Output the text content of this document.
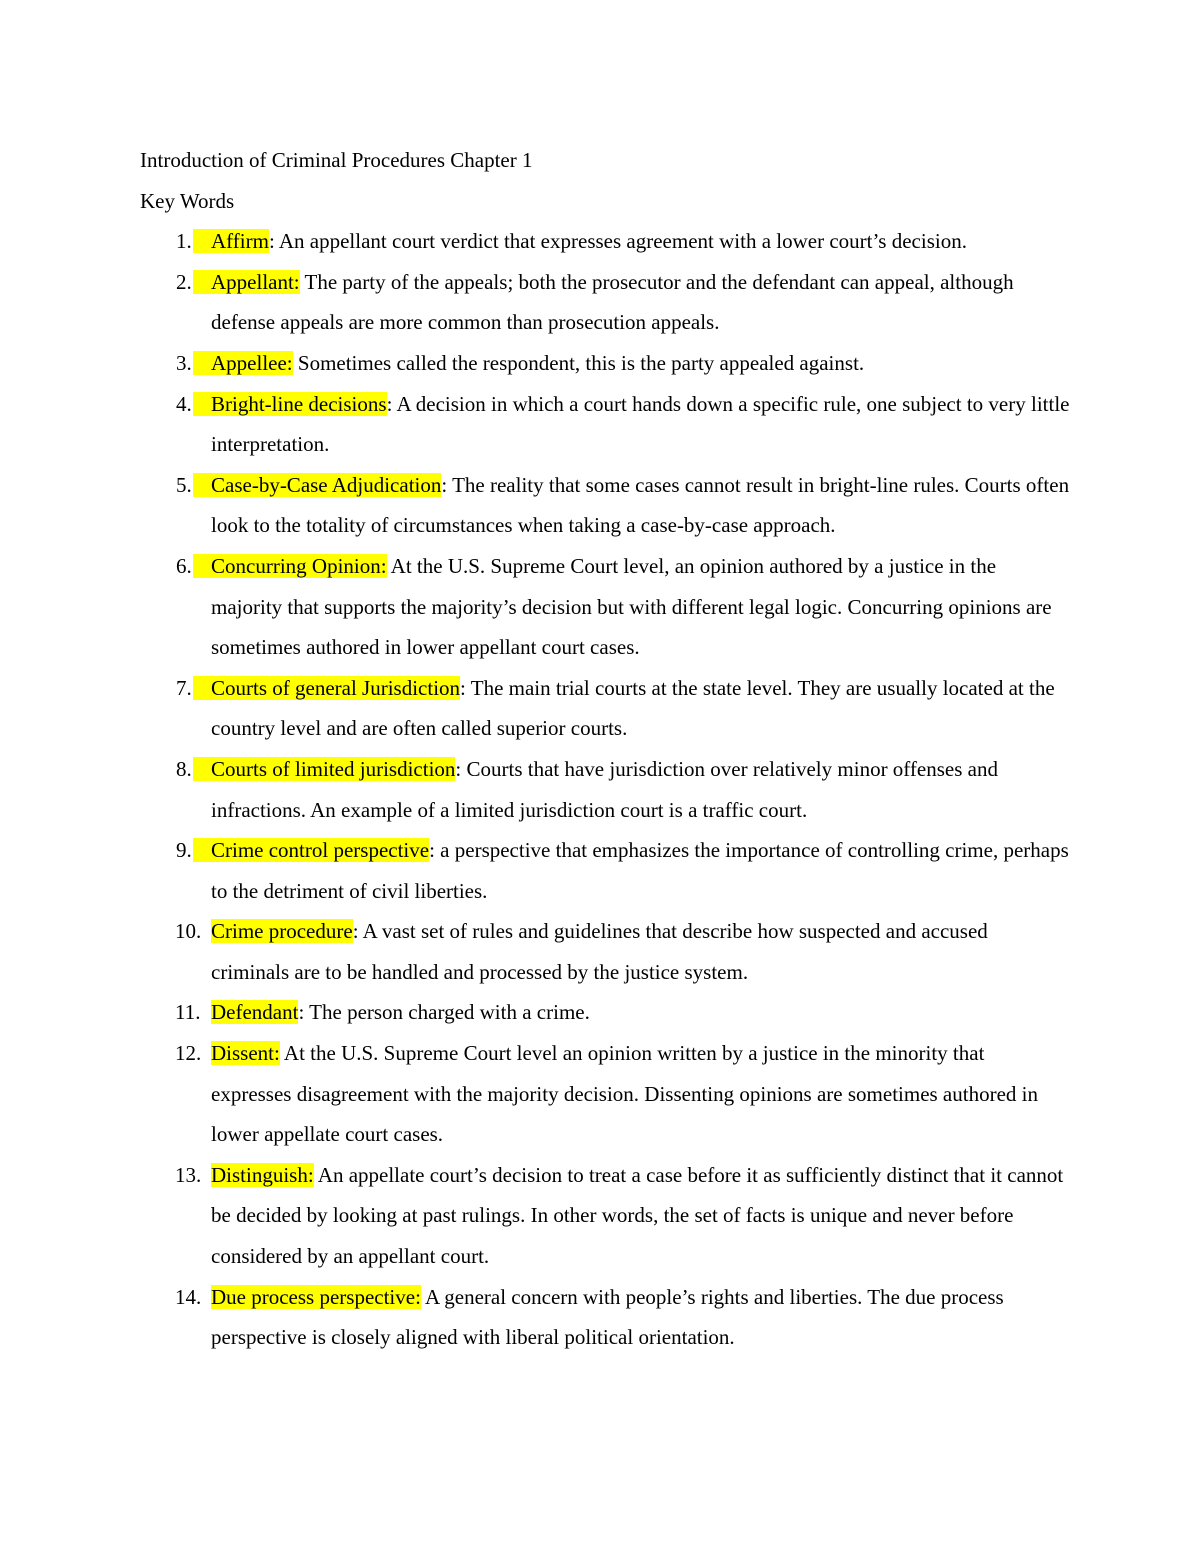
Introduction of Criminal Procedures Chapter 1

Key Words

1. Affirm: An appellant court verdict that expresses agreement with a lower court’s decision.
2. Appellant: The party of the appeals; both the prosecutor and the defendant can appeal, although defense appeals are more common than prosecution appeals.
3. Appellee: Sometimes called the respondent, this is the party appealed against.
4. Bright-line decisions: A decision in which a court hands down a specific rule, one subject to very little interpretation.
5. Case-by-Case Adjudication: The reality that some cases cannot result in bright-line rules. Courts often look to the totality of circumstances when taking a case-by-case approach.
6. Concurring Opinion: At the U.S. Supreme Court level, an opinion authored by a justice in the majority that supports the majority’s decision but with different legal logic. Concurring opinions are sometimes authored in lower appellant court cases.
7. Courts of general Jurisdiction: The main trial courts at the state level. They are usually located at the country level and are often called superior courts.
8. Courts of limited jurisdiction: Courts that have jurisdiction over relatively minor offenses and infractions. An example of a limited jurisdiction court is a traffic court.
9. Crime control perspective: a perspective that emphasizes the importance of controlling crime, perhaps to the detriment of civil liberties.
10. Crime procedure: A vast set of rules and guidelines that describe how suspected and accused criminals are to be handled and processed by the justice system.
11. Defendant: The person charged with a crime.
12. Dissent: At the U.S. Supreme Court level an opinion written by a justice in the minority that expresses disagreement with the majority decision. Dissenting opinions are sometimes authored in lower appellate court cases.
13. Distinguish: An appellate court’s decision to treat a case before it as sufficiently distinct that it cannot be decided by looking at past rulings. In other words, the set of facts is unique and never before considered by an appellant court.
14. Due process perspective: A general concern with people’s rights and liberties. The due process perspective is closely aligned with liberal political orientation.
